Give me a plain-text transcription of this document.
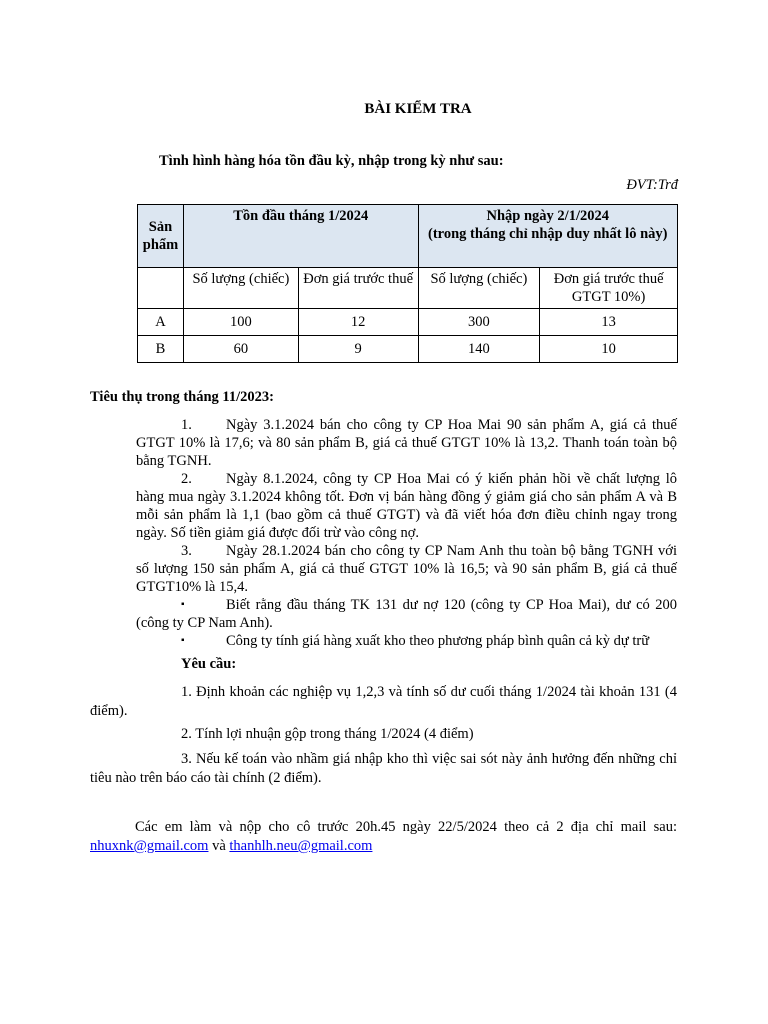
BÀI KIỂM TRA
Tình hình hàng hóa tồn đầu kỳ, nhập trong kỳ như sau:
ĐVT:Trđ
Sản phẩm	Tồn đầu tháng 1/2024		Nhập ngày 2/1/2024
(trong tháng chỉ nhập duy nhất lô này)	
	Số lượng (chiếc)	Đơn giá trước thuế	Số lượng (chiếc)	Đơn giá trước thuế GTGT 10%)
A	100	12	300	13
B	60	9	140	10
Tiêu thụ trong tháng 11/2023:
1. Ngày 3.1.2024 bán cho công ty CP Hoa Mai 90 sản phẩm A, giá cả thuế GTGT 10% là 17,6; và 80 sản phẩm B, giá cả thuế GTGT 10% là 13,2. Thanh toán toàn bộ bằng TGNH.
2. Ngày 8.1.2024, công ty CP Hoa Mai có ý kiến phản hồi về chất lượng lô hàng mua ngày 3.1.2024 không tốt. Đơn vị bán hàng đồng ý giảm giá cho sản phẩm A và B mỗi sản phẩm là 1,1 (bao gồm cả thuế GTGT) và đã viết hóa đơn điều chỉnh ngay trong ngày. Số tiền giảm giá được đối trừ vào công nợ.
3. Ngày 28.1.2024 bán cho công ty CP Nam Anh thu toàn bộ bằng TGNH với số lượng 150 sản phẩm A, giá cả thuế GTGT 10% là 16,5; và 90 sản phẩm B, giá cả thuế GTGT10% là 15,4.
▪	Biết rằng đầu tháng TK 131 dư nợ 120 (công ty CP Hoa Mai), dư có 200 (công ty CP Nam Anh).
▪	Công ty tính giá hàng xuất kho theo phương pháp bình quân cả kỳ dự trữ
Yêu cầu:
1. Định khoản các nghiệp vụ 1,2,3 và tính số dư cuối tháng 1/2024 tài khoản 131 (4 điểm).
2. Tính lợi nhuận gộp trong tháng 1/2024 (4 điểm)
3. Nếu kế toán vào nhầm giá nhập kho thì việc sai sót này ảnh hưởng đến những chỉ tiêu nào trên báo cáo tài chính (2 điểm).
Các em làm và nộp cho cô trước 20h.45 ngày 22/5/2024 theo cả 2 địa chỉ mail sau: nhuxnk@gmail.com và thanhlh.neu@gmail.com
